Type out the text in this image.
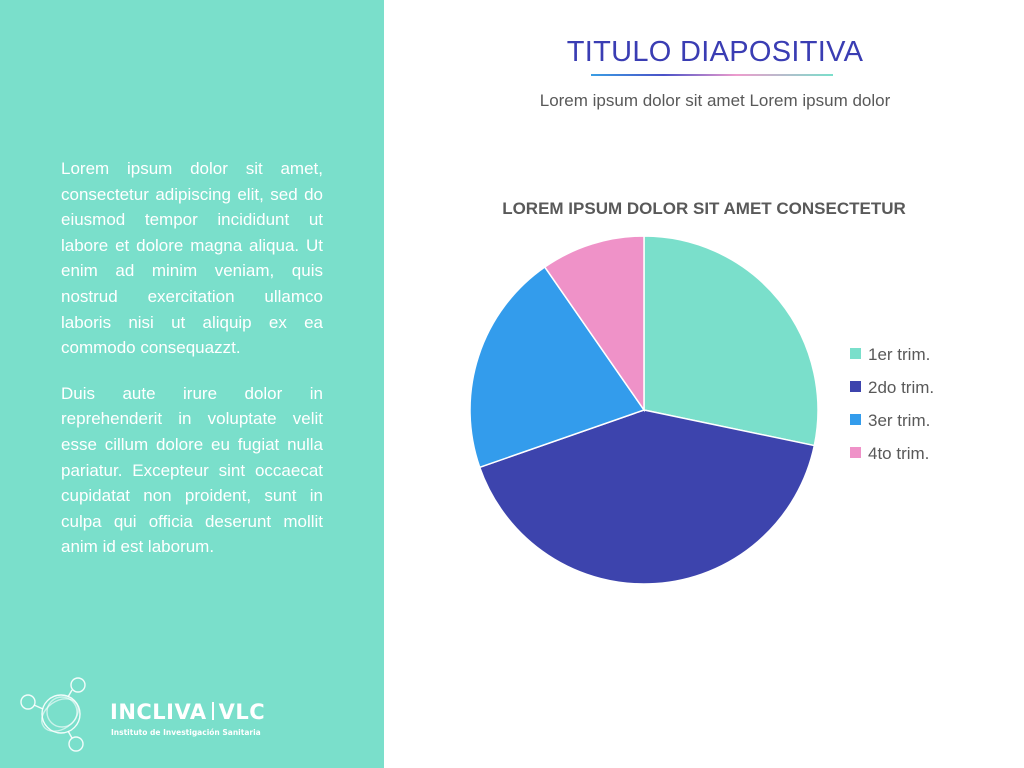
Lorem ipsum dolor sit amet, consectetur adipiscing elit, sed do eiusmod tempor incididunt ut labore et dolore magna aliqua. Ut enim ad minim veniam, quis nostrud exercitation ullamco laboris nisi ut aliquip ex ea commodo consequazzt.

Duis aute irure dolor in reprehenderit in voluptate velit esse cillum dolore eu fugiat nulla pariatur. Excepteur sint occaecat cupidatat non proident, sunt in culpa qui officia deserunt mollit anim id est laborum.

INCLIVA VLC
Instituto de Investigación Sanitaria
TITULO DIAPOSITIVA
Lorem ipsum dolor sit amet Lorem ipsum dolor
LOREM IPSUM DOLOR SIT AMET CONSECTETUR
1er trim.
2do trim.
3er trim.
4to trim.
